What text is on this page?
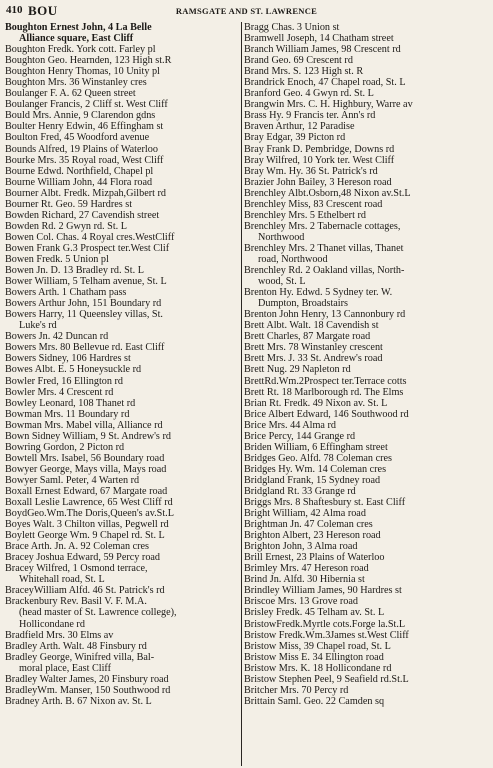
410 BOU	RAMSGATE AND ST. LAWRENCE
Boughton Ernest John, 4 La Belle
Alliance square, East Cliff
Boughton Fredk. York cott. Farley pl
Boughton Geo. Hearnden, 123 High st.R
Boughton Henry Thomas, 10 Unity pl
Boughton Mrs. 36 Winstanley cres
Boulanger F. A. 62 Queen street
Boulanger Francis, 2 Cliff st. West Cliff
Bould Mrs. Annie, 9 Clarendon gdns
Boulter Henry Edwin, 46 Effingham st
Boulton Fred, 45 Woodford avenue
Bounds Alfred, 19 Plains of Waterloo
Bourke Mrs. 35 Royal road, West Cliff
Bourne Edwd. Northfield, Chapel pl
Bourne William John, 44 Flora road
Bourner Albt. Fredk. Mizpah,Gilbert rd
Bourner Rt. Geo. 59 Hardres st
Bowden Richard, 27 Cavendish street
Bowden Rd. 2 Gwyn rd. St. L
Bowen Col. Chas. 4 Royal cres.WestCliff
Bowen Frank G.3 Prospect ter.West Clif
Bowen Fredk. 5 Union pl
Bowen Jn. D. 13 Bradley rd. St. L
Bower William, 5 Telham avenue, St. L
Bowers Arth. 1 Chatham pass
Bowers Arthur John, 151 Boundary rd
Bowers Harry, 11 Queensley villas, St.
Luke's rd
Bowers Jn. 42 Duncan rd
Bowers Mrs. 80 Bellevue rd. East Cliff
Bowers Sidney, 106 Hardres st
Bowes Albt. E. 5 Honeysuckle rd
Bowler Fred, 16 Ellington rd
Bowler Mrs. 4 Crescent rd
Bowley Leonard, 108 Thanet rd
Bowman Mrs. 11 Boundary rd
Bowman Mrs. Mabel villa, Alliance rd
Bown Sidney William, 9 St. Andrew's rd
Bowring Gordon, 2 Picton rd
Bowtell Mrs. Isabel, 56 Boundary road
Bowyer George, Mays villa, Mays road
Bowyer Saml. Peter, 4 Warten rd
Boxall Ernest Edward, 67 Margate road
Boxall Leslie Lawrence, 65 West Cliff rd
BoydGeo.Wm.The Doris,Queen's av.St.L
Boyes Walt. 3 Chilton villas, Pegwell rd
Boylett George Wm. 9 Chapel rd. St. L
Brace Arth. Jn. A. 92 Coleman cres
Bracey Joshua Edward, 59 Percy road
Bracey Wilfred, 1 Osmond terrace,
Whitehall road, St. L
BraceyWilliam Alfd. 46 St. Patrick's rd
Brackenbury Rev. Basil V. F. M.A.
(head master of St. Lawrence college),
Hollicondane rd
Bradfield Mrs. 30 Elms av
Bradley Arth. Walt. 48 Finsbury rd
Bradley George, Winifred villa, Bal-
moral place, East Cliff
Bradley Walter James, 20 Finsbury road
BradleyWm. Manser, 150 Southwood rd
Bradney Arth. B. 67 Nixon av. St. L
Bragg Chas. 3 Union st
Bramwell Joseph, 14 Chatham street
Branch William James, 98 Crescent rd
Brand Geo. 69 Crescent rd
Brand Mrs. S. 123 High st. R
Brandrick Enoch, 47 Chapel road, St. L
Branford Geo. 4 Gwyn rd. St. L
Brangwin Mrs. C. H. Highbury, Warre av
Brass Hy. 9 Francis ter. Ann's rd
Braven Arthur, 12 Paradise
Bray Edgar, 39 Picton rd
Bray Frank D. Pembridge, Downs rd
Bray Wilfred, 10 York ter. West Cliff
Bray Wm. Hy. 36 St. Patrick's rd
Brazier John Bailey, 3 Hereson road
Brenchley Albt.Osborn,48 Nixon av.St.L
Brenchley Miss, 83 Crescent road
Brenchley Mrs. 5 Ethelbert rd
Brenchley Mrs. 2 Tabernacle cottages,
Northwood
Brenchley Mrs. 2 Thanet villas, Thanet
road, Northwood
Brenchley Rd. 2 Oakland villas, North-
wood, St. L
Brenton Hy. Edwd. 5 Sydney ter. W.
Dumpton, Broadstairs
Brenton John Henry, 13 Cannonbury rd
Brett Albt. Walt. 18 Cavendish st
Brett Charles, 87 Margate road
Brett Mrs. 78 Winstanley crescent
Brett Mrs. J. 33 St. Andrew's road
Brett Nug. 29 Napleton rd
BrettRd.Wm.2Prospect ter.Terrace cotts
Brett Rt. 18 Marlborough rd. The Elms
Brian Rt. Fredk. 49 Nixon av. St. L
Brice Albert Edward, 146 Southwood rd
Brice Mrs. 44 Alma rd
Brice Percy, 144 Grange rd
Briden William, 6 Effingham street
Bridges Geo. Alfd. 78 Coleman cres
Bridges Hy. Wm. 14 Coleman cres
Bridgland Frank, 15 Sydney road
Bridgland Rt. 33 Grange rd
Briggs Mrs. 8 Shaftesbury st. East Cliff
Bright William, 42 Alma road
Brightman Jn. 47 Coleman cres
Brighton Albert, 23 Hereson road
Brighton John, 3 Alma road
Brill Ernest, 23 Plains of Waterloo
Brimley Mrs. 47 Hereson road
Brind Jn. Alfd. 30 Hibernia st
Brindley William James, 90 Hardres st
Briscoe Mrs. 13 Grove road
Brisley Fredk. 45 Telham av. St. L
BristowFredk.Myrtle cots.Forge la.St.L
Bristow Fredk.Wm.3James st.West Cliff
Bristow Miss, 39 Chapel road, St. L
Bristow Miss E. 34 Ellington road
Bristow Mrs. K. 18 Hollicondane rd
Bristow Stephen Peel, 9 Seafield rd.St.L
Britcher Mrs. 70 Percy rd
Brittain Saml. Geo. 22 Camden sq
